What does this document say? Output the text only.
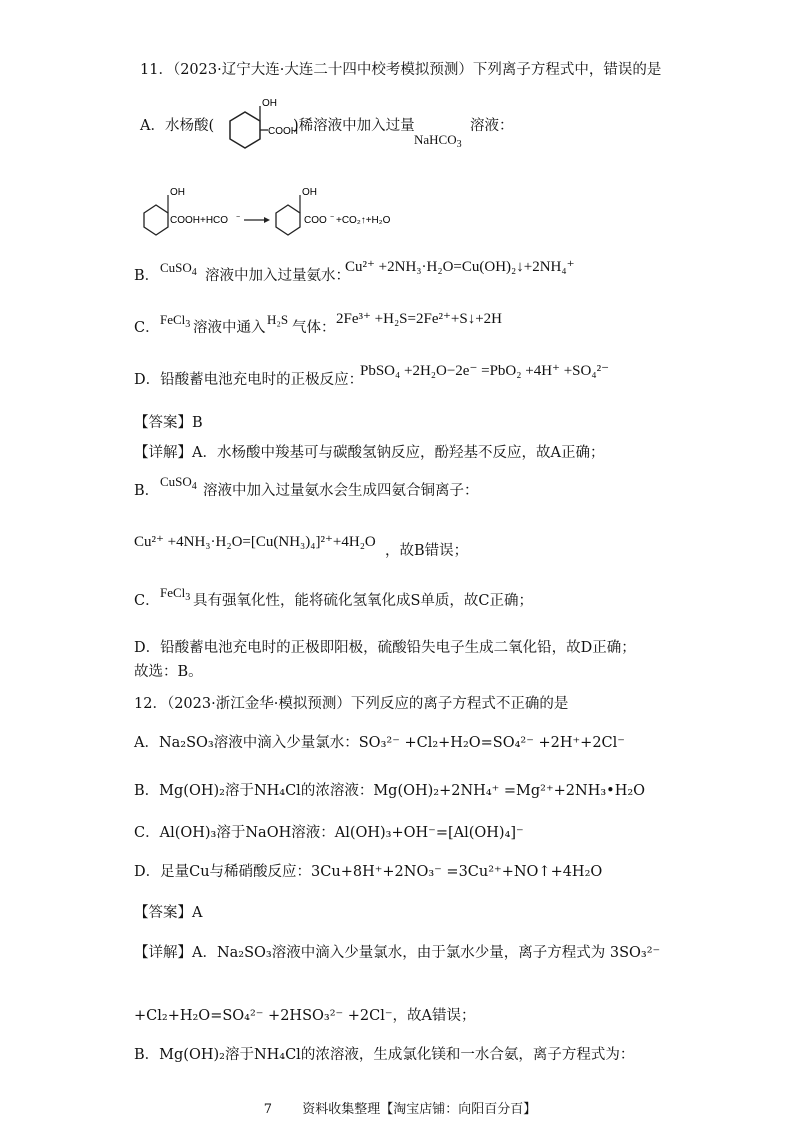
11．（2023·辽宁大连·大连二十四中校考模拟预测）下列离子方程式中，错误的是
A．水杨酸(
OH
COOH
)稀溶液中加入过量
NaHCO$_3$
溶液：
OH
COOH+HCO −
OH
COO − +CO₂↑+H₂O
B．
CuSO$_4$ 溶液中加入过量氨水：
Cu²⁺ +2NH₃·H₂O=Cu(OH)₂↓+2NH₄⁺
C．
FeCl$_3$ 溶液中通入
H₂S
气体：
2Fe³⁺ +H₂S=2Fe²⁺+S↓+2H
D．铅酸蓄电池充电时的正极反应：
PbSO₄ +2H₂O−2e⁻ =PbO₂ +4H⁺ +SO₄²⁻
【答案】B
【详解】A．水杨酸中羧基可与碳酸氢钠反应，酚羟基不反应，故A正确；
B．
CuSO$_4$ 溶液中加入过量氨水会生成四氨合铜离子：
Cu²⁺ +4NH₃·H₂O=[Cu(NH₃)₄]²⁺+4H₂O
，故B错误；
C．
FeCl$_3$ 具有强氧化性，能将硫化氢氧化成S单质，故C正确；
D．铅酸蓄电池充电时的正极即阳极，硫酸铅失电子生成二氧化铅，故D正确；
故选：B。
12．（2023·浙江金华·模拟预测）下列反应的离子方程式不正确的是
A．Na₂SO₃溶液中滴入少量氯水：SO₃²⁻ +Cl₂+H₂O=SO₄²⁻ +2H⁺+2Cl⁻
B．Mg(OH)₂溶于NH₄Cl的浓溶液：Mg(OH)₂+2NH₄⁺ =Mg²⁺+2NH₃•H₂O
C．Al(OH)₃溶于NaOH溶液：Al(OH)₃+OH⁻=[Al(OH)₄]⁻
D．足量Cu与稀硝酸反应：3Cu+8H⁺+2NO₃⁻ =3Cu²⁺+NO↑+4H₂O
【答案】A
【详解】A．Na₂SO₃溶液中滴入少量氯水，由于氯水少量，离子方程式为 3SO₃²⁻
+Cl₂+H₂O=SO₄²⁻ +2HSO₃²⁻ +2Cl⁻，故A错误；
B．Mg(OH)₂溶于NH₄Cl的浓溶液，生成氯化镁和一水合氨，离子方程式为：
7 资料收集整理【淘宝店铺：向阳百分百】
